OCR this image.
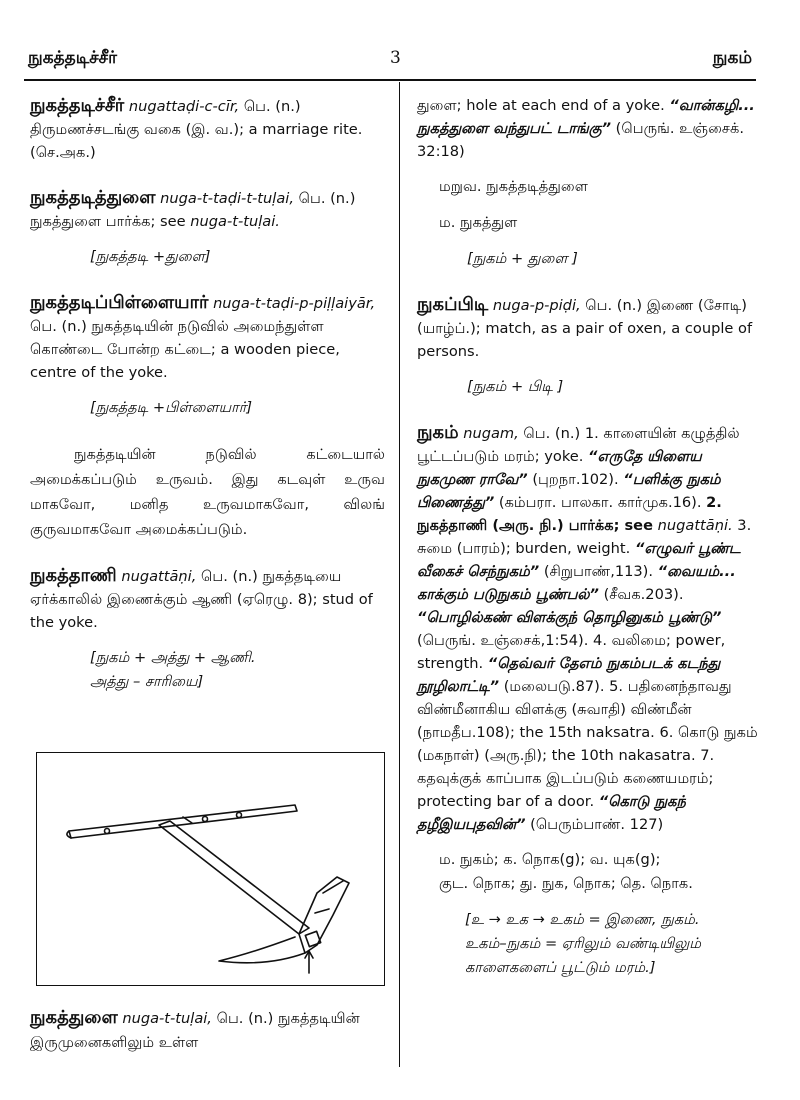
நுகத்தடிச்சீர்	3	நுகம்

நுகத்தடிச்சீர் nugattaḍi-c-cīr, பெ. (n.) திருமணச்சடங்கு வகை (இ. வ.); a marriage rite. (செ.அக.)

நுகத்தடித்துளை nuga-t-taḍi-t-tuḷai, பெ. (n.) நுகத்துளை பார்க்க; see nuga-t-tuḷai.

[நுகத்தடி +துளை]

நுகத்தடிப்பிள்ளையார் nuga-t-taḍi-p-piḷḷaiyār, பெ. (n.) நுகத்தடியின் நடுவில் அமைந்துள்ள கொண்டை போன்ற கட்டை; a wooden piece, centre of the yoke.

[நுகத்தடி +பிள்ளையார்]
நுகத்தடியின் நடுவில் கட்டையால் அமைக்கப்படும் உருவம். இது கடவுள் உருவ மாகவோ, மனித உருவமாகவோ, விலங் குருவமாகவோ அமைக்கப்படும்.

நுகத்தாணி nugattāṇi, பெ. (n.) நுகத்தடியை ஏர்க்காலில் இணைக்கும் ஆணி (ஏரெழு. 8); stud of the yoke.

[நுகம் + அத்து + ஆணி.
அத்து – சாரியை]
நுகத்துளை nuga-t-tuḷai, பெ. (n.) நுகத்தடியின் இருமுனைகளிலும் உள்ள

துளை; hole at each end of a yoke. “வான்கழி... நுகத்துளை வந்துபட் டாங்கு” (பெருங். உஞ்சைக். 32:18)

மறுவ. நுகத்தடித்துளை
ம. நுகத்துள
[நுகம் + துளை ]

நுகப்பிடி nuga-p-piḍi, பெ. (n.) இணை (சோடி) (யாழ்ப்.); match, as a pair of oxen, a couple of persons.

[நுகம் + பிடி ]

நுகம் nugam, பெ. (n.) 1. காளையின் கழுத்தில் பூட்டப்படும் மரம்; yoke. “எருதே யிளைய நுகமுண ராவே” (புறநா.102). “பளிக்கு நுகம் பிணைத்து” (கம்பரா. பாலகா. கார்முக.16). 2. நுகத்தாணி (அரு. நி.) பார்க்க; see nugattāṇi. 3. சுமை (பாரம்); burden, weight. “எழுவர் பூண்ட வீகைச் செந்நுகம்” (சிறுபாண்,113). “வையம்... காக்கும் படுநுகம் பூண்பல்” (சீவக.203). “பொழில்கண் விளக்குந் தொழினுகம் பூண்டு” (பெருங். உஞ்சைக்,1:54). 4. வலிமை; power, strength. “தெவ்வர் தேஎம் நுகம்படக் கடந்து நூழிலாட்டி” (மலைபடு.87). 5. பதினைந்தாவது விண்மீனாகிய விளக்கு (சுவாதி) விண்மீன் (நாமதீப.108); the 15th naksatra. 6. கொடு நுகம் (மகநாள்) (அரு.நி); the 10th nakasatra. 7. கதவுக்குக் காப்பாக இடப்படும் கணையமரம்; protecting bar of a door. “கொடு நுகந் தழீஇயபுதவின்” (பெரும்பாண். 127)

ம. நுகம்; க. நொக(g); வ. யுக(g);
குட. நொக; து. நுக, நொக; தெ. நொக.
[உ → உக → உகம் = இணை, நுகம்.
உகம்–நுகம் = ஏரிலும் வண்டியிலும்
காளைகளைப் பூட்டும் மரம்.]
